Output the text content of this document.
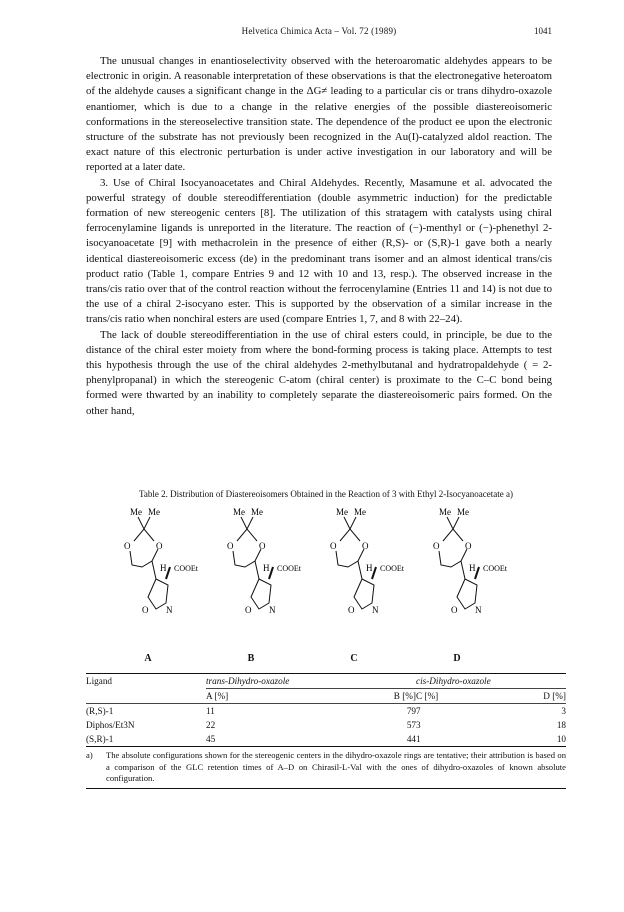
Helvetica Chimica Acta – Vol. 72 (1989)	1041

The unusual changes in enantioselectivity observed with the heteroaromatic aldehydes appears to be electronic in origin. A reasonable interpretation of these observations is that the electronegative heteroatom of the aldehyde causes a significant change in the ΔG≠ leading to a particular cis or trans dihydro-oxazole enantiomer, which is due to a change in the relative energies of the possible diastereoisomeric conformations in the stereoselective transition state. The dependence of the product ee upon the electronic structure of the substrate has not previously been recognized in the Au(I)-catalyzed aldol reaction. The exact nature of this electronic perturbation is under active investigation in our laboratory and will be reported at a later date.

3. Use of Chiral Isocyanoacetates and Chiral Aldehydes. Recently, Masamune et al. advocated the powerful strategy of double stereodifferentiation (double asymmetric induction) for the predictable formation of new stereogenic centers [8]. The utilization of this stratagem with catalysts using chiral ferrocenylamine ligands is unreported in the literature. The reaction of (−)-menthyl or (−)-phenethyl 2-isocyanoacetate [9] with methacrolein in the presence of either (R,S)- or (S,R)-1 gave both a nearly identical diastereoisomeric excess (de) in the predominant trans isomer and an almost identical trans/cis product ratio (Table 1, compare Entries 9 and 12 with 10 and 13, resp.). The observed increase in the trans/cis ratio over that of the control reaction without the ferrocenylamine (Entries 11 and 14) is not due to the use of a chiral 2-isocyano ester. This is supported by the observation of a similar increase in the trans/cis ratio when nonchiral esters are used (compare Entries 1, 7, and 8 with 22–24).

The lack of double stereodifferentiation in the use of chiral esters could, in principle, be due to the distance of the chiral ester moiety from where the bond-forming process is taking place. Attempts to test this hypothesis through the use of the chiral aldehydes 2-methylbutanal and hydratropaldehyde ( = 2-phenylpropanal) in which the stereogenic C-atom (chiral center) is proximate to the C–C bond being formed were thwarted by an inability to completely separate the diastereoisomeric pairs formed. On the other hand,

Table 2. Distribution of Diastereoisomers Obtained in the Reaction of 3 with Ethyl 2-Isocyanoacetate a)
Me Me
O	O
H COOEt
O N
A
Me Me
O	O
H COOEt
O N
B
Me Me
O	O
H COOEt
O N
C
Me Me
O	O
H COOEt
O N
D
Ligand	trans-Dihydro-oxazole		cis-Dihydro-oxazole	
	A [%]	B [%]	C [%]	D [%]
(R,S)-1	11	79	7	3
Diphos/Et3N	22	57	3	18
(S,R)-1	45	44	1	10

a)	The absolute configurations shown for the stereogenic centers in the dihydro-oxazole rings are tentative; their attribution is based on a comparison of the GLC retention times of A–D on Chirasil-L-Val with the ones of dihydro-oxazoles of known absolute configuration.
